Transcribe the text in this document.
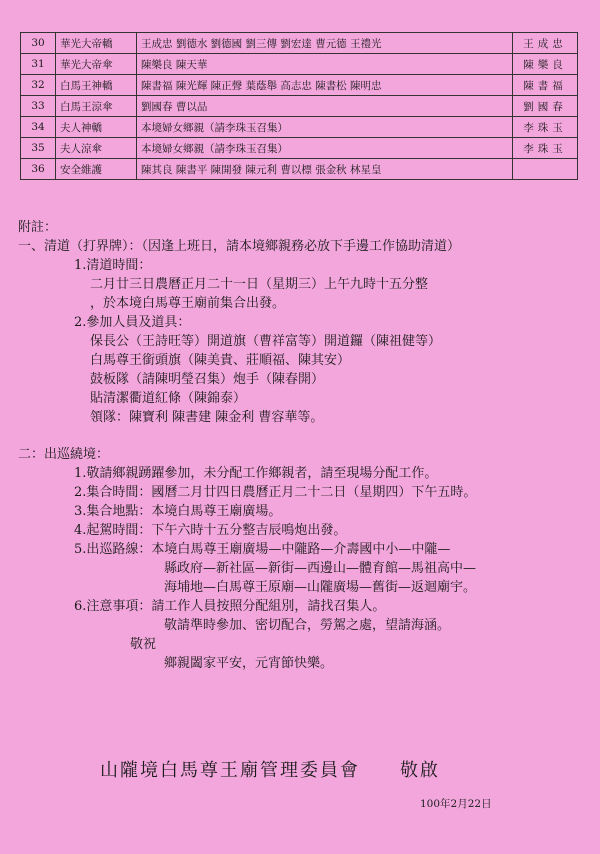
30	華光大帝轎	王成忠 劉德水 劉德國 劉三傳 劉宏達 曹元德 王禮光	王成忠
31	華光大帝傘	陳樂良 陳天華	陳樂良
32	白馬王神轎	陳書福 陳光輝 陳正聲 葉蔭舉 高志忠 陳書松 陳明忠	陳書福
33	白馬王涼傘	劉國春 曹以品	劉國春
34	夫人神轎	本境婦女鄉親（請李珠玉召集）	李珠玉
35	夫人涼傘	本境婦女鄉親（請李珠玉召集）	李珠玉
36	安全維護	陳其良 陳書平 陳開發 陳元利 曹以標 張金秋 林星皇	
附註：
一、清道（打界牌）：（因逢上班日，請本境鄉親務必放下手邊工作協助清道）
1.清道時間：
二月廿三日農曆正月二十一日（星期三）上午九時十五分整
，於本境白馬尊王廟前集合出發。
2.參加人員及道具：
保長公（王詩旺等）開道旗（曹祥富等）開道鑼（陳祖健等）
白馬尊王銜頭旗（陳美貴、莊順福、陳其安）
鼓板隊（請陳明瑩召集）炮手（陳春開）
貼清潔衢道紅條（陳錦泰）
領隊：陳寶利 陳書建 陳金利 曹容華等。
二：出巡繞境：
1.敬請鄉親踴躍參加，未分配工作鄉親者，請至現場分配工作。
2.集合時間：國曆二月廿四日農曆正月二十二日（星期四）下午五時。
3.集合地點：本境白馬尊王廟廣場。
4.起駕時間：下午六時十五分整吉辰鳴炮出發。
5.出巡路線：本境白馬尊王廟廣場—中隴路—介壽國中小—中隴—
縣政府—新社區—新街—西邊山—體育館—馬祖高中—
海埔地—白馬尊王原廟—山隴廣場—舊街—返迴廟宇。
6.注意事項：請工作人員按照分配組別，請找召集人。
敬請準時參加、密切配合，勞駕之處，望請海涵。
敬祝
鄉親闔家平安，元宵節快樂。
山隴境白馬尊王廟管理委員會 敬啟
100年2月22日
